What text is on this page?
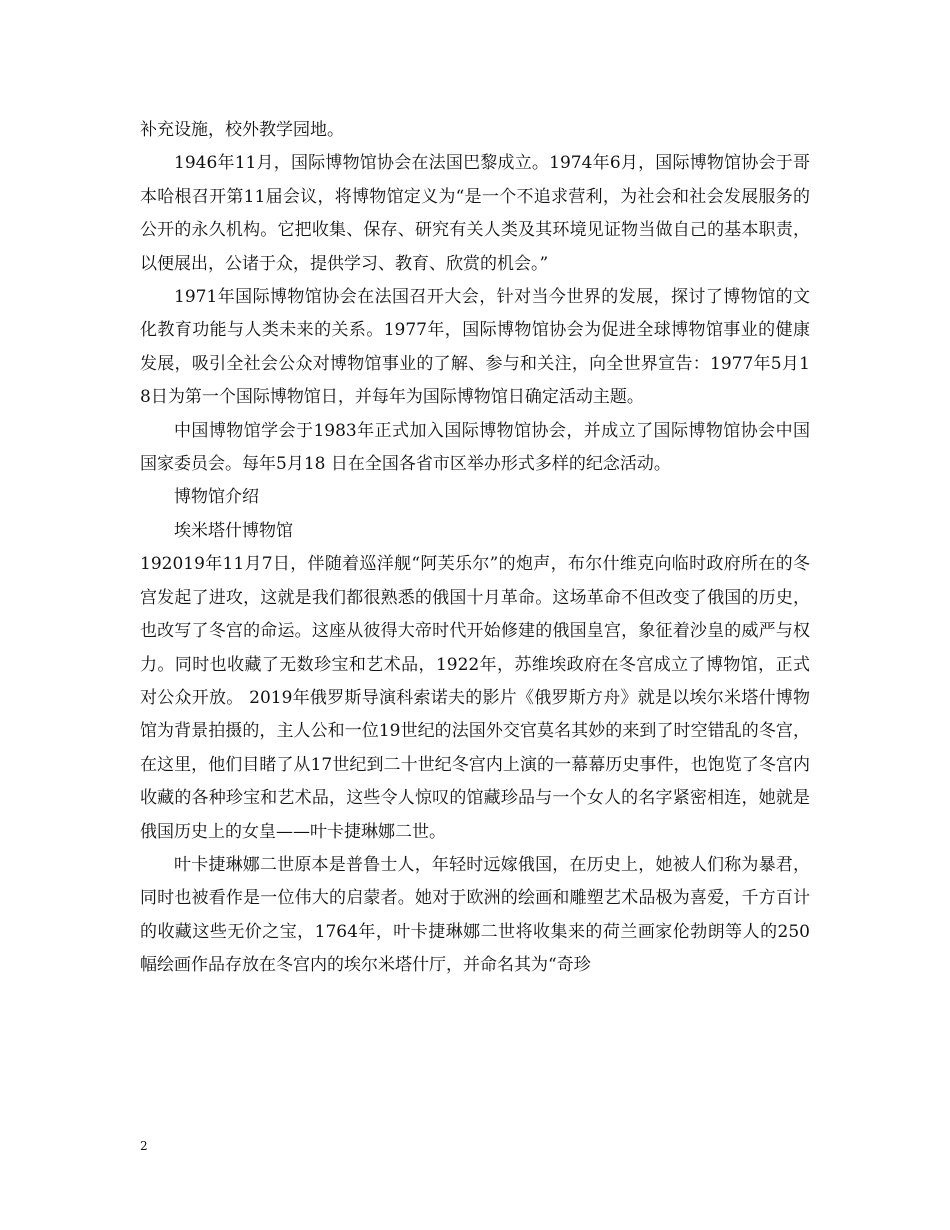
补充设施，校外教学园地。

1946年11月，国际博物馆协会在法国巴黎成立。1974年6月，国际博物馆协会于哥本哈根召开第11届会议，将博物馆定义为“是一个不追求营利，为社会和社会发展服务的公开的永久机构。它把收集、保存、研究有关人类及其环境见证物当做自己的基本职责，以便展出，公诸于众，提供学习、教育、欣赏的机会。”

1971年国际博物馆协会在法国召开大会，针对当今世界的发展，探讨了博物馆的文化教育功能与人类未来的关系。1977年，国际博物馆协会为促进全球博物馆事业的健康发展，吸引全社会公众对博物馆事业的了解、参与和关注，向全世界宣告：1977年5月18日为第一个国际博物馆日，并每年为国际博物馆日确定活动主题。

中国博物馆学会于1983年正式加入国际博物馆协会，并成立了国际博物馆协会中国国家委员会。每年5月18 日在全国各省市区举办形式多样的纪念活动。

博物馆介绍

埃米塔什博物馆

192019年11月7日，伴随着巡洋舰“阿芙乐尔”的炮声，布尔什维克向临时政府所在的冬宫发起了进攻，这就是我们都很熟悉的俄国十月革命。这场革命不但改变了俄国的历史，也改写了冬宫的命运。这座从彼得大帝时代开始修建的俄国皇宫，象征着沙皇的威严与权力。同时也收藏了无数珍宝和艺术品，1922年，苏维埃政府在冬宫成立了博物馆，正式对公众开放。 2019年俄罗斯导演科索诺夫的影片《俄罗斯方舟》就是以埃尔米塔什博物馆为背景拍摄的，主人公和一位19世纪的法国外交官莫名其妙的来到了时空错乱的冬宫，在这里，他们目睹了从17世纪到二十世纪冬宫内上演的一幕幕历史事件，也饱览了冬宫内收藏的各种珍宝和艺术品，这些令人惊叹的馆藏珍品与一个女人的名字紧密相连，她就是俄国历史上的女皇——叶卡捷琳娜二世。

叶卡捷琳娜二世原本是普鲁士人，年轻时远嫁俄国，在历史上，她被人们称为暴君，同时也被看作是一位伟大的启蒙者。她对于欧洲的绘画和雕塑艺术品极为喜爱，千方百计的收藏这些无价之宝，1764年，叶卡捷琳娜二世将收集来的荷兰画家伦勃朗等人的250幅绘画作品存放在冬宫内的埃尔米塔什厅，并命名其为“奇珍

2
